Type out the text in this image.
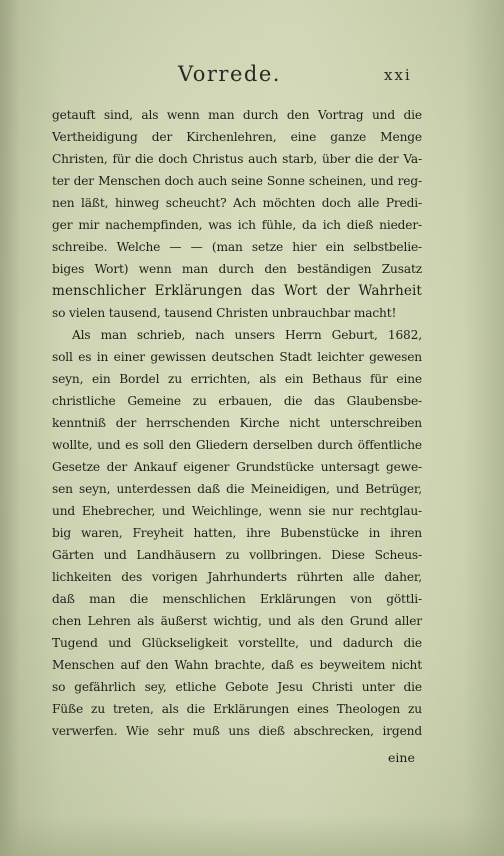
Vorrede.	xxi
getauft sind, als wenn man durch den Vortrag und die
Vertheidigung der Kirchenlehren, eine ganze Menge
Christen, für die doch Christus auch starb, über die der Va-
ter der Menschen doch auch seine Sonne scheinen, und reg-
nen läßt, hinweg scheucht? Ach möchten doch alle Predi-
ger mir nachempfinden, was ich fühle, da ich dieß nieder-
schreibe. Welche — — (man setze hier ein selbstbelie-
biges Wort) wenn man durch den beständigen Zusatz
menschlicher Erklärungen das Wort der Wahrheit
so vielen tausend, tausend Christen unbrauchbar macht!
Als man schrieb, nach unsers Herrn Geburt, 1682,
soll es in einer gewissen deutschen Stadt leichter gewesen
seyn, ein Bordel zu errichten, als ein Bethaus für eine
christliche Gemeine zu erbauen, die das Glaubensbe-
kenntniß der herrschenden Kirche nicht unterschreiben
wollte, und es soll den Gliedern derselben durch öffentliche
Gesetze der Ankauf eigener Grundstücke untersagt gewe-
sen seyn, unterdessen daß die Meineidigen, und Betrüger,
und Ehebrecher, und Weichlinge, wenn sie nur rechtglau-
big waren, Freyheit hatten, ihre Bubenstücke in ihren
Gärten und Landhäusern zu vollbringen. Diese Scheus-
lichkeiten des vorigen Jahrhunderts rührten alle daher,
daß man die menschlichen Erklärungen von göttli-
chen Lehren als äußerst wichtig, und als den Grund aller
Tugend und Glückseligkeit vorstellte, und dadurch die
Menschen auf den Wahn brachte, daß es beyweitem nicht
so gefährlich sey, etliche Gebote Jesu Christi unter die
Füße zu treten, als die Erklärungen eines Theologen zu
verwerfen. Wie sehr muß uns dieß abschrecken, irgend
eine
